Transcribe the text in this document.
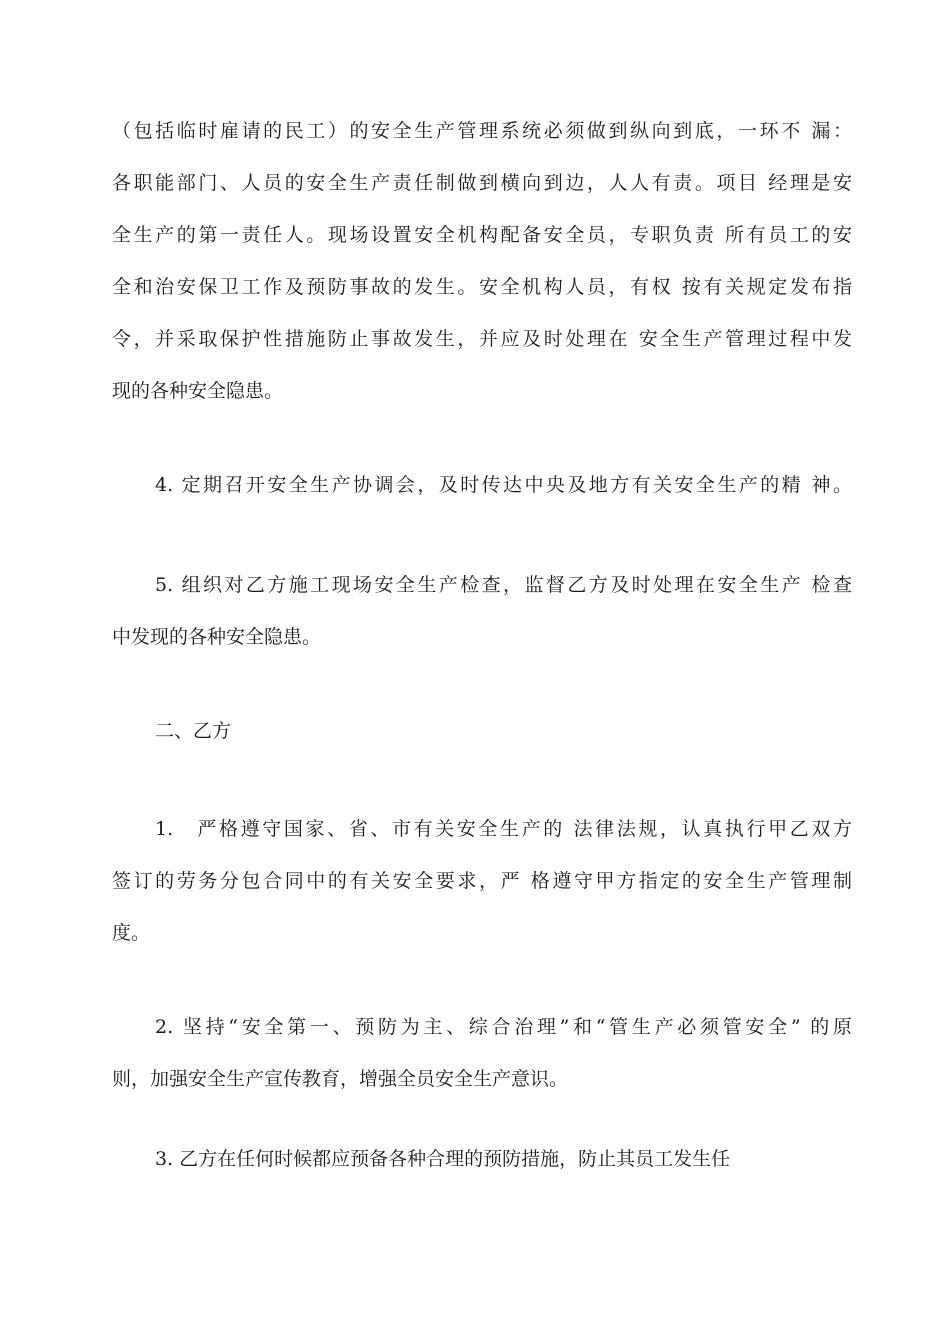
（包括临时雇请的民工）的安全生产管理系统必须做到纵向到底，一环不 漏：
各职能部门、人员的安全生产责任制做到横向到边，人人有责。项目 经理是安
全生产的第一责任人。现场设置安全机构配备安全员，专职负责 所有员工的安
全和治安保卫工作及预防事故的发生。安全机构人员，有权 按有关规定发布指
令，并采取保护性措施防止事故发生，并应及时处理在 安全生产管理过程中发
现的各种安全隐患。
4. 定期召开安全生产协调会，及时传达中央及地方有关安全生产的精 神。
5. 组织对乙方施工现场安全生产检查，监督乙方及时处理在安全生产 检查
中发现的各种安全隐患。
二、乙方
1.　严格遵守国家、省、市有关安全生产的 法律法规，认真执行甲乙双方
签订的劳务分包合同中的有关安全要求，严 格遵守甲方指定的安全生产管理制
度。
2. 坚持“安全第一、预防为主、综合治理”和“管生产必须管安全” 的原
则，加强安全生产宣传教育，增强全员安全生产意识。
3. 乙方在任何时候都应预备各种合理的预防措施，防止其员工发生任
